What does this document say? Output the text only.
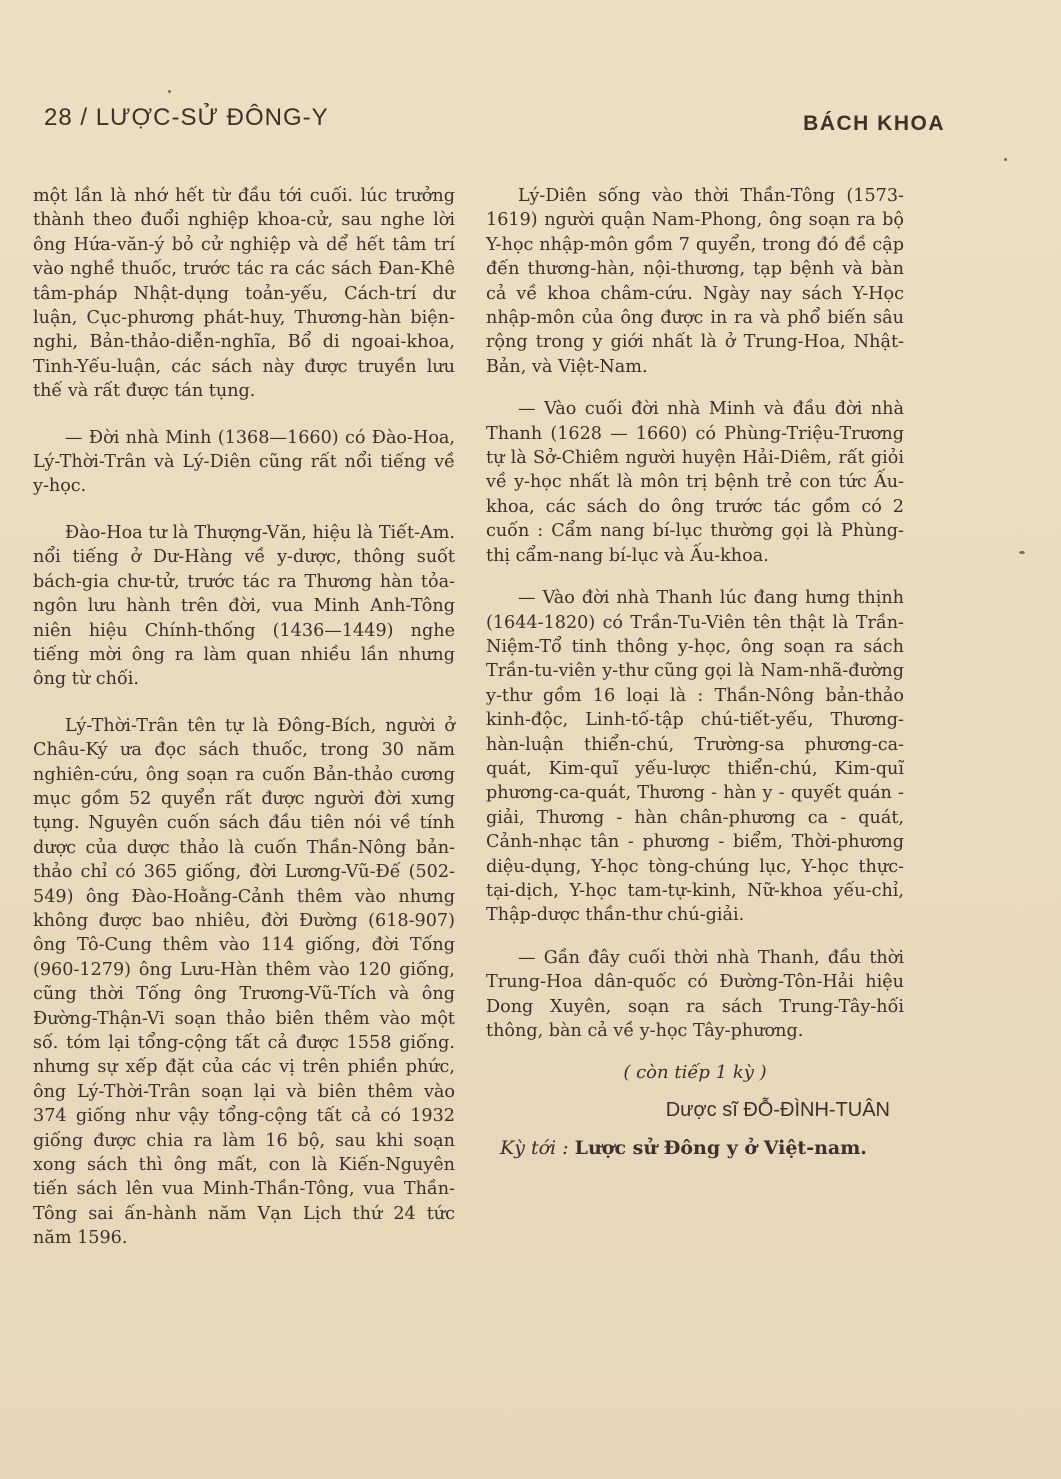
28 / LƯỢC-SỬ ĐÔNG-Y	BÁCH KHOA

một lần là nhớ hết từ đầu tới cuối. lúc trưởng thành theo đuổi nghiệp khoa-cử, sau nghe lời ông Hứa-văn-ý bỏ cử nghiệp và dể hết tâm trí vào nghề thuốc, trước tác ra các sách Đan-Khê tâm-pháp Nhật-dụng toản-yếu, Cách-trí dư luận, Cục-phương phát-huy, Thương-hàn biện-nghi, Bản-thảo-diễn-nghĩa, Bổ di ngoai-khoa, Tinh-Yếu-luận, các sách này được truyền lưu thế và rất được tán tụng.

— Đời nhà Minh (1368—1660) có Đào-Hoa, Lý-Thời-Trân và Lý-Diên cũng rất nổi tiếng về y-học.

Đào-Hoa tư là Thượng-Văn, hiệu là Tiết-Am. nổi tiếng ở Dư-Hàng về y-dược, thông suốt bách-gia chư-tử, trước tác ra Thương hàn tỏa-ngôn lưu hành trên đời, vua Minh Anh-Tông niên hiệu Chính-thống (1436—1449) nghe tiếng mời ông ra làm quan nhiều lần nhưng ông từ chối.

Lý-Thời-Trân tên tự là Đông-Bích, người ở Châu-Ký ưa đọc sách thuốc, trong 30 năm nghiên-cứu, ông soạn ra cuốn Bản-thảo cương mục gồm 52 quyển rất được người đời xưng tụng. Nguyên cuốn sách đầu tiên nói về tính dược của dược thảo là cuốn Thần-Nông bản-thảo chỉ có 365 giống, đời Lương-Vũ-Đế (502-549) ông Đào-Hoằng-Cảnh thêm vào nhưng không được bao nhiêu, đời Đường (618-907) ông Tô-Cung thêm vào 114 giống, đời Tống (960-1279) ông Lưu-Hàn thêm vào 120 giống, cũng thời Tống ông Trương-Vũ-Tích và ông Đường-Thận-Vi soạn thảo biên thêm vào một số. tóm lại tổng-cộng tất cả được 1558 giống. nhưng sự xếp đặt của các vị trên phiền phức, ông Lý-Thời-Trân soạn lại và biên thêm vào 374 giống như vậy tổng-cộng tất cả có 1932 giống được chia ra làm 16 bộ, sau khi soạn xong sách thì ông mất, con là Kiến-Nguyên tiến sách lên vua Minh-Thần-Tông, vua Thần-Tông sai ấn-hành năm Vạn Lịch thứ 24 tức năm 1596.

Lý-Diên sống vào thời Thần-Tông (1573-1619) người quận Nam-Phong, ông soạn ra bộ Y-học nhập-môn gồm 7 quyển, trong đó đề cập đến thương-hàn, nội-thương, tạp bệnh và bàn cả về khoa châm-cứu. Ngày nay sách Y-Học nhập-môn của ông được in ra và phổ biến sâu rộng trong y giới nhất là ở Trung-Hoa, Nhật-Bản, và Việt-Nam.

— Vào cuối đời nhà Minh và đầu đời nhà Thanh (1628 — 1660) có Phùng-Triệu-Trương tự là Sở-Chiêm người huyện Hải-Diêm, rất giỏi về y-học nhất là môn trị bệnh trẻ con tức Ấu-khoa, các sách do ông trước tác gồm có 2 cuốn : Cẩm nang bí-lục thường gọi là Phùng-thị cẩm-nang bí-lục và Ấu-khoa.

— Vào đời nhà Thanh lúc đang hưng thịnh (1644-1820) có Trần-Tu-Viên tên thật là Trần-Niệm-Tổ tinh thông y-học, ông soạn ra sách Trần-tu-viên y-thư cũng gọi là Nam-nhã-đường y-thư gồm 16 loại là : Thần-Nông bản-thảo kinh-độc, Linh-tố-tập chú-tiết-yếu, Thương-hàn-luận thiển-chú, Trường-sa phương-ca-quát, Kim-quĩ yếu-lược thiển-chú, Kim-quĩ phương-ca-quát, Thương - hàn y - quyết quán - giải, Thương - hàn chân-phương ca - quát, Cảnh-nhạc tân - phương - biểm, Thời-phương diệu-dụng, Y-học tòng-chúng lục, Y-học thực-tại-dịch, Y-học tam-tự-kinh, Nữ-khoa yếu-chỉ, Thập-dược thần-thư chú-giải.

— Gần đây cuối thời nhà Thanh, đầu thời Trung-Hoa dân-quốc có Đường-Tôn-Hải hiệu Dong Xuyên, soạn ra sách Trung-Tây-hối thông, bàn cả về y-học Tây-phương.

( còn tiếp 1 kỳ )
Dược sĩ ĐỖ-ĐÌNH-TUÂN
Kỳ tới : Lược sử Đông y ở Việt-nam.
